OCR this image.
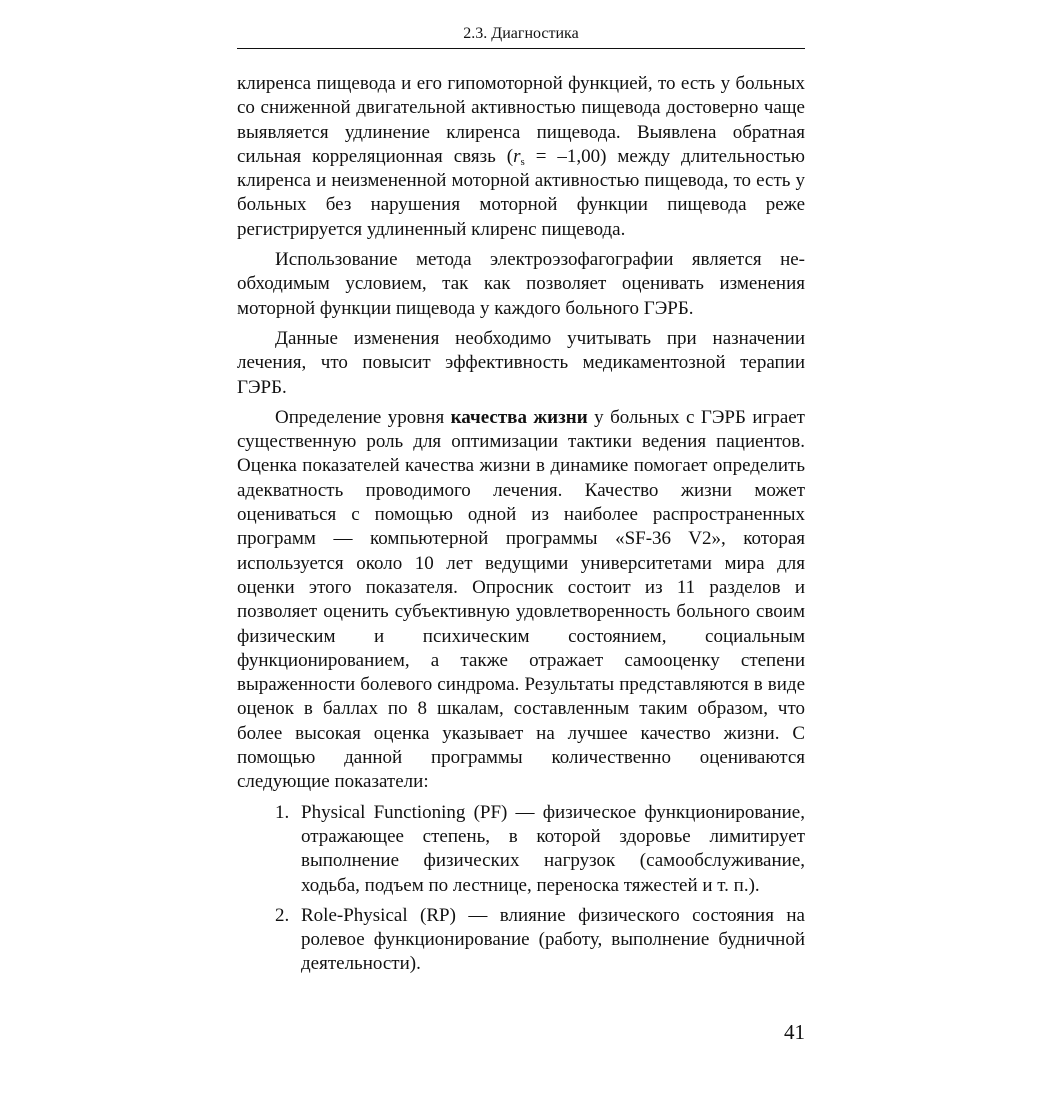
2.3. Диагностика

клиренса пищевода и его гипомоторной функцией, то есть у больных со сниженной двигательной активностью пищевода достоверно чаще выявляется удлинение клиренса пищевода. Выявлена обратная сильная корреляционная связь $(r_s = -1,00)$ между длительностью клиренса и неизмененной моторной активностью пищевода, то есть у больных без нарушения моторной функции пищевода реже регистрируется удлиненный клиренс пищевода.

Использование метода электроэзофагографии является необходимым условием, так как позволяет оценивать изменения моторной функции пищевода у каждого больного ГЭРБ.

Данные изменения необходимо учитывать при назначении лечения, что повысит эффективность медикаментозной терапии ГЭРБ.

Определение уровня качества жизни у больных с ГЭРБ играет существенную роль для оптимизации тактики ведения пациентов. Оценка показателей качества жизни в динамике помогает определить адекватность проводимого лечения. Качество жизни может оцениваться с помощью одной из наиболее распространенных программ — компьютерной программы «SF-36 V2», которая используется около 10 лет ведущими университетами мира для оценки этого показателя. Опросник состоит из 11 разделов и позволяет оценить субъективную удовлетворенность больного своим физическим и психическим состоянием, социальным функционированием, а также отражает самооценку степени выраженности болевого синдрома. Результаты представляются в виде оценок в баллах по 8 шкалам, составленным таким образом, что более высокая оценка указывает на лучшее качество жизни. С помощью данной программы количественно оцениваются следующие показатели:

1. Physical Functioning (PF) — физическое функционирование, отражающее степень, в которой здоровье лимитирует выполнение физических нагрузок (самообслуживание, ходьба, подъем по лестнице, переноска тяжестей и т. п.).
2. Role-Physical (RP) — влияние физического состояния на ролевое функционирование (работу, выполнение будничной деятельности).
41
